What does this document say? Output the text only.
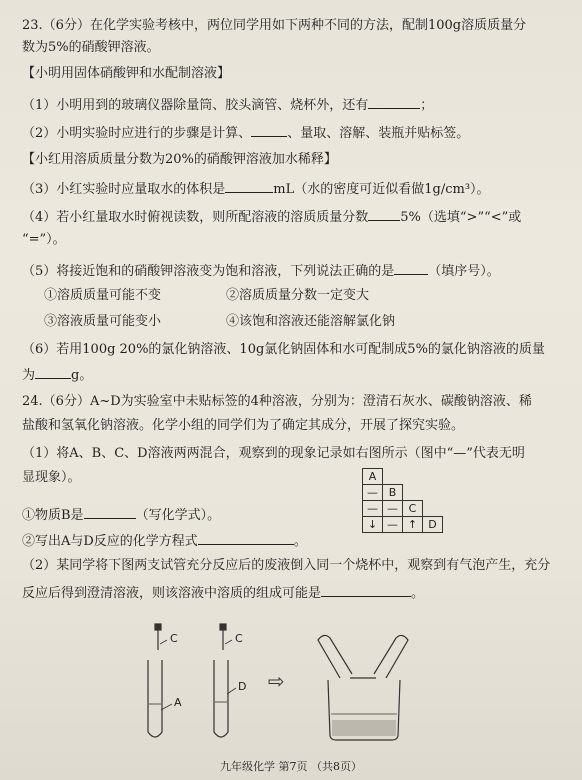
23.（6分）在化学实验考核中，两位同学用如下两种不同的方法，配制100g溶质质量分
数为5%的硝酸钾溶液。
【小明用固体硝酸钾和水配制溶液】
（1）小明用到的玻璃仪器除量筒、胶头滴管、烧杯外，还有	；
（2）小明实验时应进行的步骤是计算、	、量取、溶解、装瓶并贴标签。
【小红用溶质质量分数为20%的硝酸钾溶液加水稀释】
（3）小红实验时应量取水的体积是	mL（水的密度可近似看做1g/cm³）。
（4）若小红量取水时俯视读数，则所配溶液的溶质质量分数 5%（选填“>”“<”或
“=”）。
（5）将接近饱和的硝酸钾溶液变为饱和溶液，下列说法正确的是	（填序号）。
①溶质质量可能不变	②溶质质量分数一定变大
③溶液质量可能变小	④该饱和溶液还能溶解氯化钠
（6）若用100g 20%的氯化钠溶液、10g氯化钠固体和水可配制成5%的氯化钠溶液的质量
为	g。
24.（6分）A~D为实验室中未贴标签的4种溶液，分别为：澄清石灰水、碳酸钠溶液、稀
盐酸和氢氧化钠溶液。化学小组的同学们为了确定其成分，开展了探究实验。
（1）将A、B、C、D溶液两两混合，观察到的现象记录如右图所示（图中“—”代表无明
显现象）。
①物质B是	（写化学式）。
②写出A与D反应的化学方程式	。
（2）某同学将下图两支试管充分反应后的废液倒入同一个烧杯中，观察到有气泡产生，充分
反应后得到澄清溶液，则该溶液中溶质的组成可能是	。
A
— B
— — C
↓ — ↑	D
C
A
C
D ⇨
九年级化学 第7页 （共8页）
